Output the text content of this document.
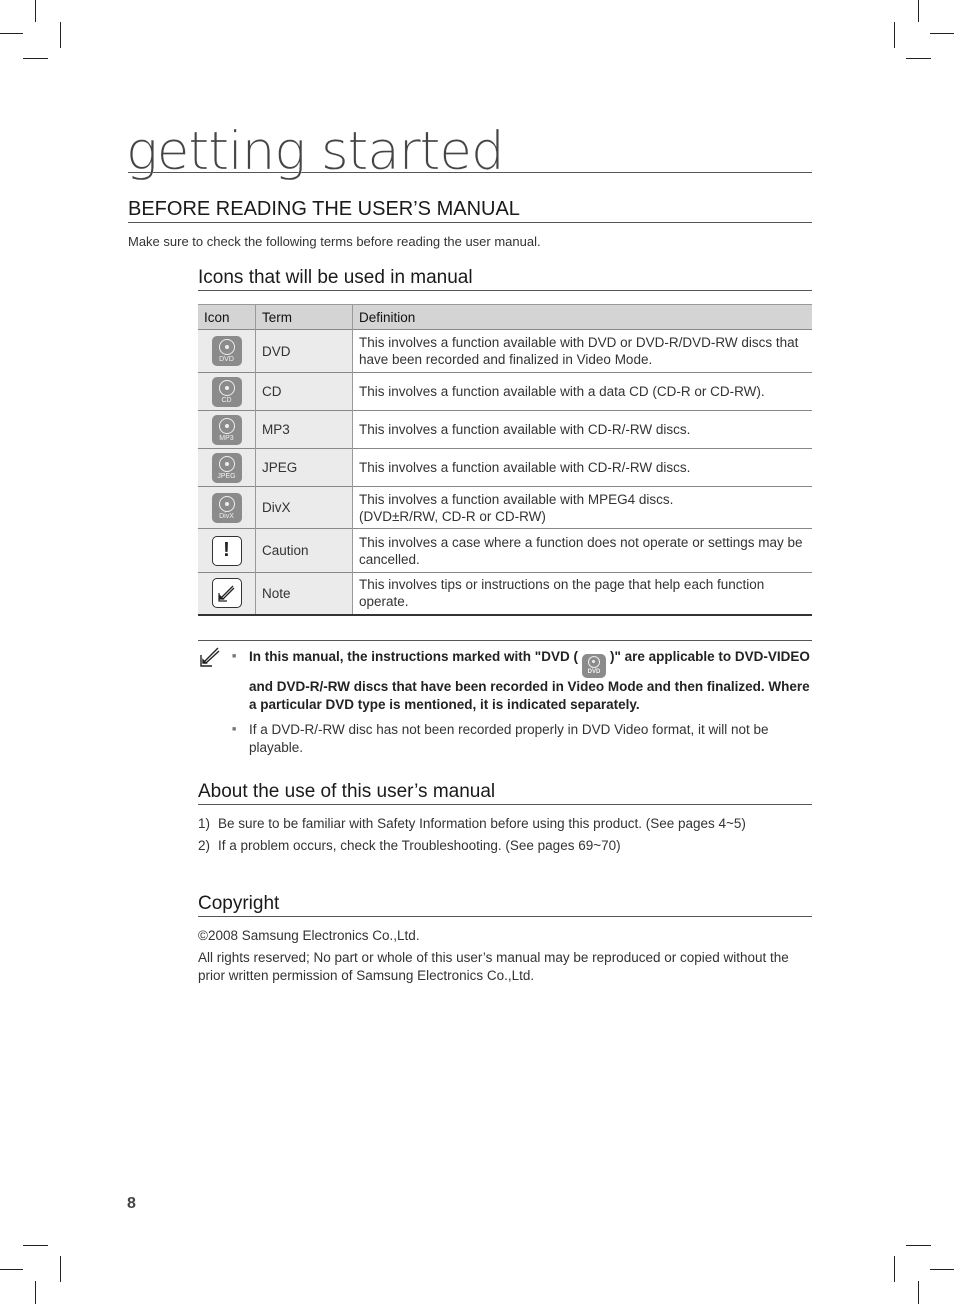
getting started
BEFORE READING THE USER’S MANUAL
Make sure to check the following terms before reading the user manual.
Icons that will be used in manual
Icon	Term	Definition

DVD	DVD	This involves a function available with DVD or DVD-R/DVD-RW discs that have been recorded and finalized in Video Mode.

CD	CD	This involves a function available with a data CD (CD-R or CD-RW).

MP3	MP3	This involves a function available with CD-R/-RW discs.

JPEG	JPEG	This involves a function available with CD-R/-RW discs.

DivX	DivX	This involves a function available with MPEG4 discs.
(DVD±R/RW, CD-R or CD-RW)
!	Caution	This involves a case where a function does not operate or settings may be cancelled.

	Note	This involves tips or instructions on the page that help each function operate.
■ In this manual, the instructions marked with "DVD (
DVD
)" are applicable to DVD-VIDEO and DVD-R/-RW discs that have been recorded in Video Mode and then finalized. Where a particular DVD type is mentioned, it is indicated separately.
■ If a DVD-R/-RW disc has not been recorded properly in DVD Video format, it will not be playable.
About the use of this user’s manual
1) Be sure to be familiar with Safety Information before using this product. (See pages 4~5)
2) If a problem occurs, check the Troubleshooting. (See pages 69~70)
Copyright
©2008 Samsung Electronics Co.,Ltd.
All rights reserved; No part or whole of this user’s manual may be reproduced or copied without the prior written permission of Samsung Electronics Co.,Ltd.
8
